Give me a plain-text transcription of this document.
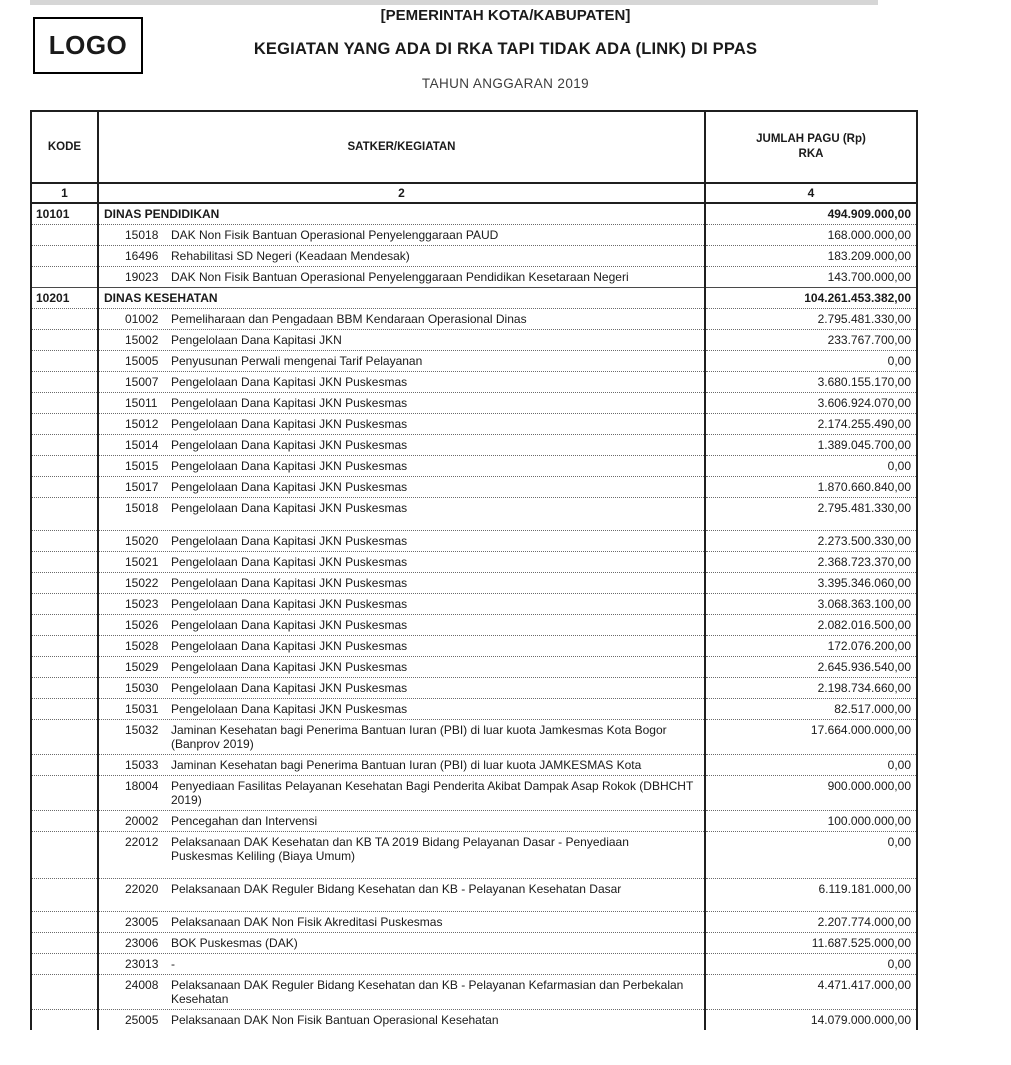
[PEMERINTAH KOTA/KABUPATEN]
KEGIATAN YANG ADA DI RKA TAPI TIDAK ADA (LINK) DI PPAS
TAHUN ANGGARAN 2019
LOGO
KODE	SATKER/KEGIATAN	JUMLAH PAGU (Rp)
RKA

1	2	4
10101	DINAS PENDIDIKAN	494.909.000,00

	15018 DAK Non Fisik Bantuan Operasional Penyelenggaraan PAUD	168.000.000,00

	16496 Rehabilitasi SD Negeri (Keadaan Mendesak)	183.209.000,00

	19023 DAK Non Fisik Bantuan Operasional Penyelenggaraan Pendidikan Kesetaraan Negeri	143.700.000,00
10201	DINAS KESEHATAN	104.261.453.382,00

	01002 Pemeliharaan dan Pengadaan BBM Kendaraan Operasional Dinas	2.795.481.330,00

	15002 Pengelolaan Dana Kapitasi JKN	233.767.700,00

	15005 Penyusunan Perwali mengenai Tarif Pelayanan	0,00

	15007 Pengelolaan Dana Kapitasi JKN Puskesmas	3.680.155.170,00

	15011 Pengelolaan Dana Kapitasi JKN Puskesmas	3.606.924.070,00

	15012 Pengelolaan Dana Kapitasi JKN Puskesmas	2.174.255.490,00

	15014 Pengelolaan Dana Kapitasi JKN Puskesmas	1.389.045.700,00

	15015 Pengelolaan Dana Kapitasi JKN Puskesmas	0,00

	15017 Pengelolaan Dana Kapitasi JKN Puskesmas	1.870.660.840,00

	15018 Pengelolaan Dana Kapitasi JKN Puskesmas	2.795.481.330,00

	15020 Pengelolaan Dana Kapitasi JKN Puskesmas	2.273.500.330,00

	15021 Pengelolaan Dana Kapitasi JKN Puskesmas	2.368.723.370,00

	15022 Pengelolaan Dana Kapitasi JKN Puskesmas	3.395.346.060,00

	15023 Pengelolaan Dana Kapitasi JKN Puskesmas	3.068.363.100,00

	15026 Pengelolaan Dana Kapitasi JKN Puskesmas	2.082.016.500,00

	15028 Pengelolaan Dana Kapitasi JKN Puskesmas	172.076.200,00

	15029 Pengelolaan Dana Kapitasi JKN Puskesmas	2.645.936.540,00

	15030 Pengelolaan Dana Kapitasi JKN Puskesmas	2.198.734.660,00

	15031 Pengelolaan Dana Kapitasi JKN Puskesmas	82.517.000,00

	15032 Jaminan Kesehatan bagi Penerima Bantuan Iuran (PBI) di luar kuota Jamkesmas Kota Bogor (Banprov 2019)	17.664.000.000,00

	15033 Jaminan Kesehatan bagi Penerima Bantuan Iuran (PBI) di luar kuota JAMKESMAS Kota	0,00

	18004 Penyediaan Fasilitas Pelayanan Kesehatan Bagi Penderita Akibat Dampak Asap Rokok (DBHCHT 2019)	900.000.000,00

	20002 Pencegahan dan Intervensi	100.000.000,00

	22012 Pelaksanaan DAK Kesehatan dan KB TA 2019 Bidang Pelayanan Dasar - Penyediaan Puskesmas Keliling (Biaya Umum)	0,00

	22020 Pelaksanaan DAK Reguler Bidang Kesehatan dan KB - Pelayanan Kesehatan Dasar	6.119.181.000,00

	23005 Pelaksanaan DAK Non Fisik Akreditasi Puskesmas	2.207.774.000,00

	23006 BOK Puskesmas (DAK)	11.687.525.000,00

	23013 -	0,00

	24008 Pelaksanaan DAK Reguler Bidang Kesehatan dan KB - Pelayanan Kefarmasian dan Perbekalan Kesehatan	4.471.417.000,00

	25005 Pelaksanaan DAK Non Fisik Bantuan Operasional Kesehatan	14.079.000.000,00
